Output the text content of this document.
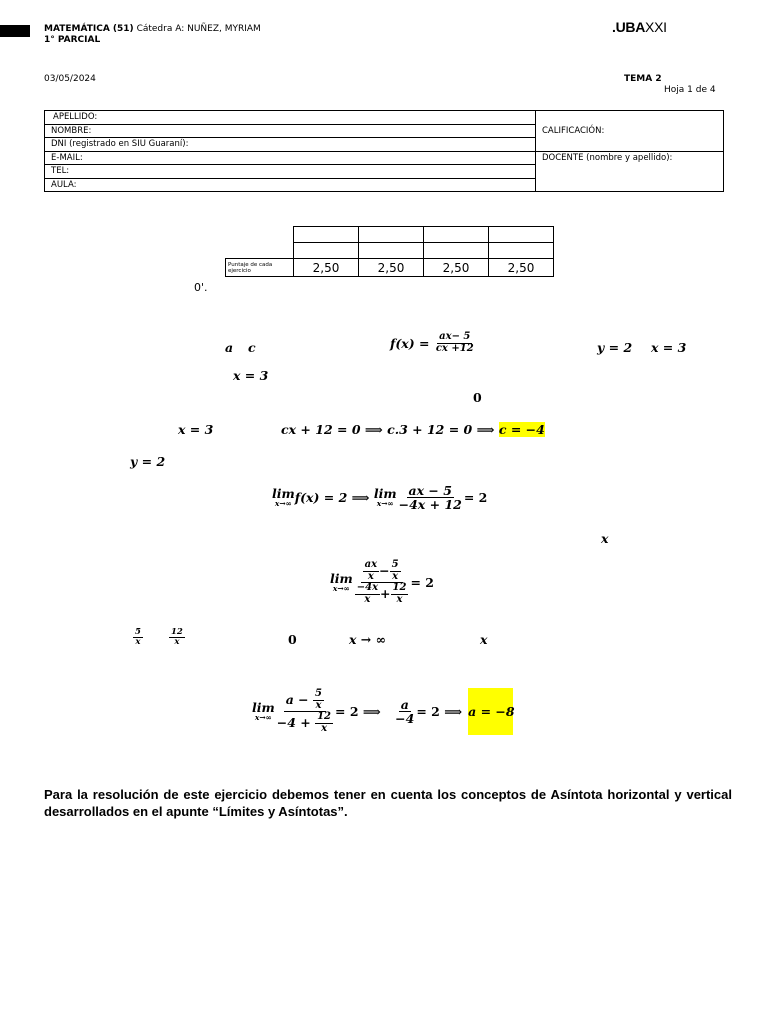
MATEMÁTICA (51) Cátedra A: NUÑEZ, MYRIAM
1° PARCIAL
.UBAXXI
03/05/2024	TEMA 2
Hoja 1 de 4
APELLIDO:	CALIFICACIÓN:
NOMBRE:	
DNI (registrado en SIU Guaraní):	
E-MAIL:	DOCENTE (nombre y apellido):
TEL:	
AULA:	

Puntaje de cada ejercicio	2,50	2,50	2,50	2,50
0'.
a c	f(x) =
$\frac{ax- 5}{cx +12}$	y = 2 x = 3
x = 3
0
x = 3	cx + 12 = 0 ⟹ c.3 + 12 = 0 ⟹
c = −4
y = 2
lim
x→∞ f(x) = 2 ⟹
lim
$x\to\infty \frac{ax - 5}{-4x + 12} = 2$
x
lim
$x\to\infty \frac{\frac{ax}{x} - \frac{5}{x}}{\frac{-4x}{x} + \frac{12}{x}} = 2$
$\frac{5}{x}$	$\frac{12}{x}$	0	x → ∞	x
lim
x→∞ a −
$\frac{5}{x}$
−4 +
$\frac{12}{x} = 2$ ⟹
$\frac{a}{-4} = 2$ ⟹ a = −8
Para la resolución de este ejercicio debemos tener en cuenta los conceptos de Asíntota horizontal y vertical desarrollados en el apunte “Límites y Asíntotas”.
